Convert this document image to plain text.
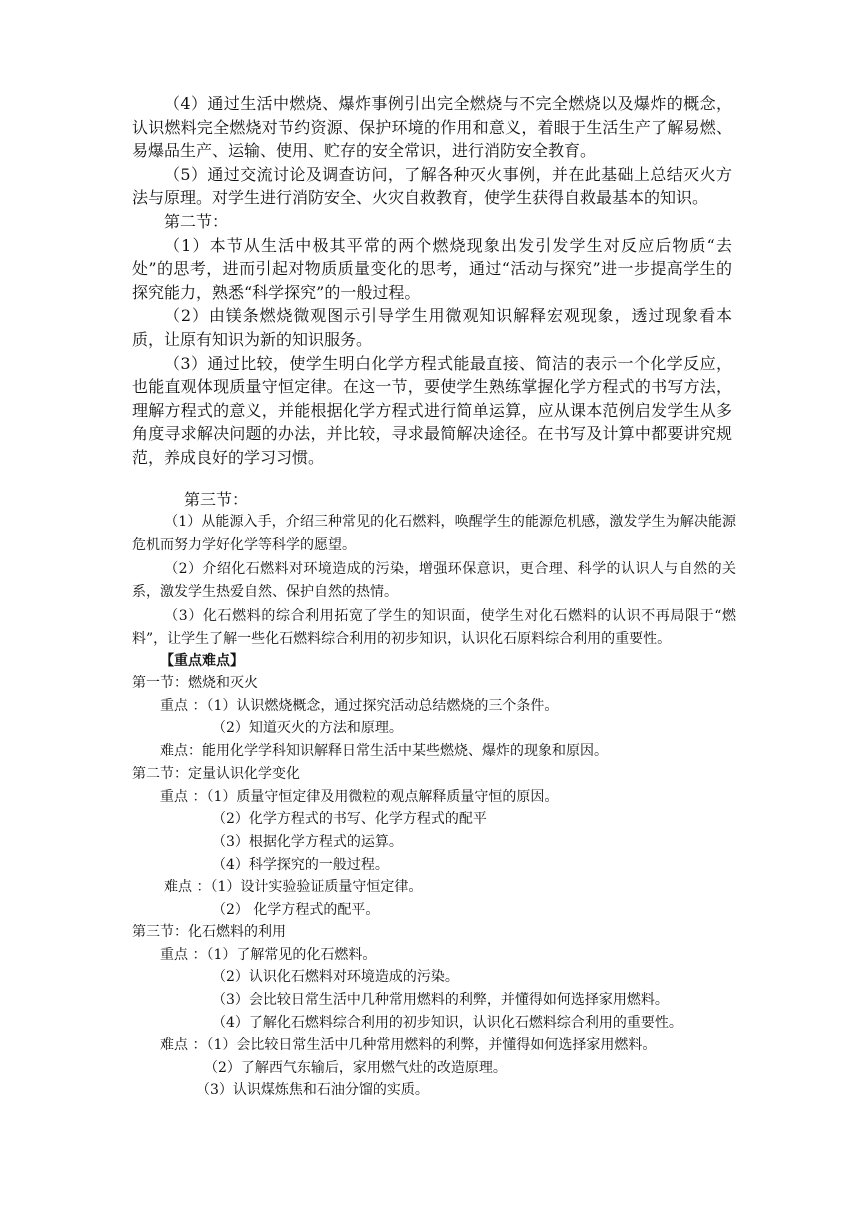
（4）通过生活中燃烧、爆炸事例引出完全燃烧与不完全燃烧以及爆炸的概念，认识燃料完全燃烧对节约资源、保护环境的作用和意义，着眼于生活生产了解易燃、易爆品生产、运输、使用、贮存的安全常识，进行消防安全教育。

（5）通过交流讨论及调查访问，了解各种灭火事例，并在此基础上总结灭火方法与原理。对学生进行消防安全、火灾自救教育，使学生获得自救最基本的知识。

第二节：

（1）本节从生活中极其平常的两个燃烧现象出发引发学生对反应后物质“去处”的思考，进而引起对物质质量变化的思考，通过“活动与探究”进一步提高学生的探究能力，熟悉“科学探究”的一般过程。

（2）由镁条燃烧微观图示引导学生用微观知识解释宏观现象，透过现象看本质，让原有知识为新的知识服务。

（3）通过比较，使学生明白化学方程式能最直接、简洁的表示一个化学反应，也能直观体现质量守恒定律。在这一节，要使学生熟练掌握化学方程式的书写方法，理解方程式的意义，并能根据化学方程式进行简单运算，应从课本范例启发学生从多角度寻求解决问题的办法，并比较，寻求最简解决途径。在书写及计算中都要讲究规范，养成良好的学习习惯。

第三节：

（1）从能源入手，介绍三种常见的化石燃料，唤醒学生的能源危机感，激发学生为解决能源危机而努力学好化学等科学的愿望。

（2）介绍化石燃料对环境造成的污染，增强环保意识，更合理、科学的认识人与自然的关系，激发学生热爱自然、保护自然的热情。

（3）化石燃料的综合利用拓宽了学生的知识面，使学生对化石燃料的认识不再局限于“燃料”，让学生了解一些化石燃料综合利用的初步知识，认识化石原料综合利用的重要性。

【重点难点】
第一节：燃烧和灭火
重点 ：（1）认识燃烧概念，通过探究活动总结燃烧的三个条件。
（2）知道灭火的方法和原理。
难点：能用化学学科知识解释日常生活中某些燃烧、爆炸的现象和原因。
第二节：定量认识化学变化
重点 ：（1）质量守恒定律及用微粒的观点解释质量守恒的原因。
（2）化学方程式的书写、化学方程式的配平
（3）根据化学方程式的运算。
（4）科学探究的一般过程。
难点 ：（1）设计实验验证质量守恒定律。
（2） 化学方程式的配平。
第三节：化石燃料的利用
重点 ：（1）了解常见的化石燃料。
（2）认识化石燃料对环境造成的污染。
（3）会比较日常生活中几种常用燃料的利弊，并懂得如何选择家用燃料。
（4）了解化石燃料综合利用的初步知识，认识化石燃料综合利用的重要性。
难点 ：（1）会比较日常生活中几种常用燃料的利弊，并懂得如何选择家用燃料。
（2）了解西气东输后，家用燃气灶的改造原理。
（3）认识煤炼焦和石油分馏的实质。
